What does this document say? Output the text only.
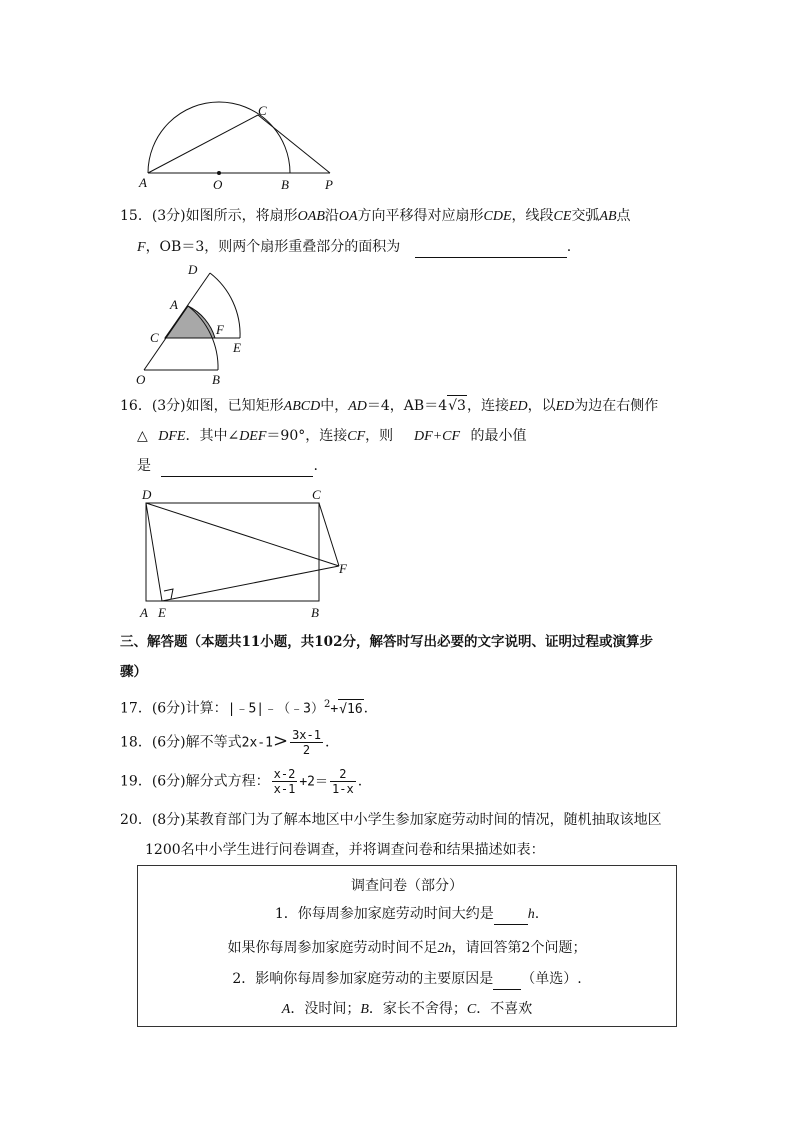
A	O	B	P
C
15．(3分)如图所示，将扇形OAB沿OA方向平移得对应扇形CDE，线段CE交弧AB点
F，OB＝3，则两个扇形重叠部分的面积为	.
D
A
C
F
E
O	B
16．(3分)如图，已知矩形ABCD中，AD＝4，AB＝4√3，连接ED，以ED为边在右侧作
△ DFE．其中∠DEF＝90°，连接CF，则 DF+CF 的最小值
是	.
D	C
F
A E	B
三、解答题（本题共11小题，共102分，解答时写出必要的文字说明、证明过程或演算步
骤）
17．(6分)计算：|﹣5|﹣（﹣3）$^2$+√16.
18．(6分)解不等式$2x-1> \frac{3x-1}{2}$ .
19．(6分)解分式方程： $\frac{x-2}{x-1} +2= \frac{2}{1-x}$ .
20．(8分)某教育部门为了解本地区中小学生参加家庭劳动时间的情况，随机抽取该地区
1200名中小学生进行问卷调查，并将调查问卷和结果描述如表：
调查问卷（部分）
1．你每周参加家庭劳动时间大约是 h.
如果你每周参加家庭劳动时间不足2h，请回答第2个问题；
2．影响你每周参加家庭劳动的主要原因是 （单选）.
A．没时间；B．家长不舍得；C．不喜欢
